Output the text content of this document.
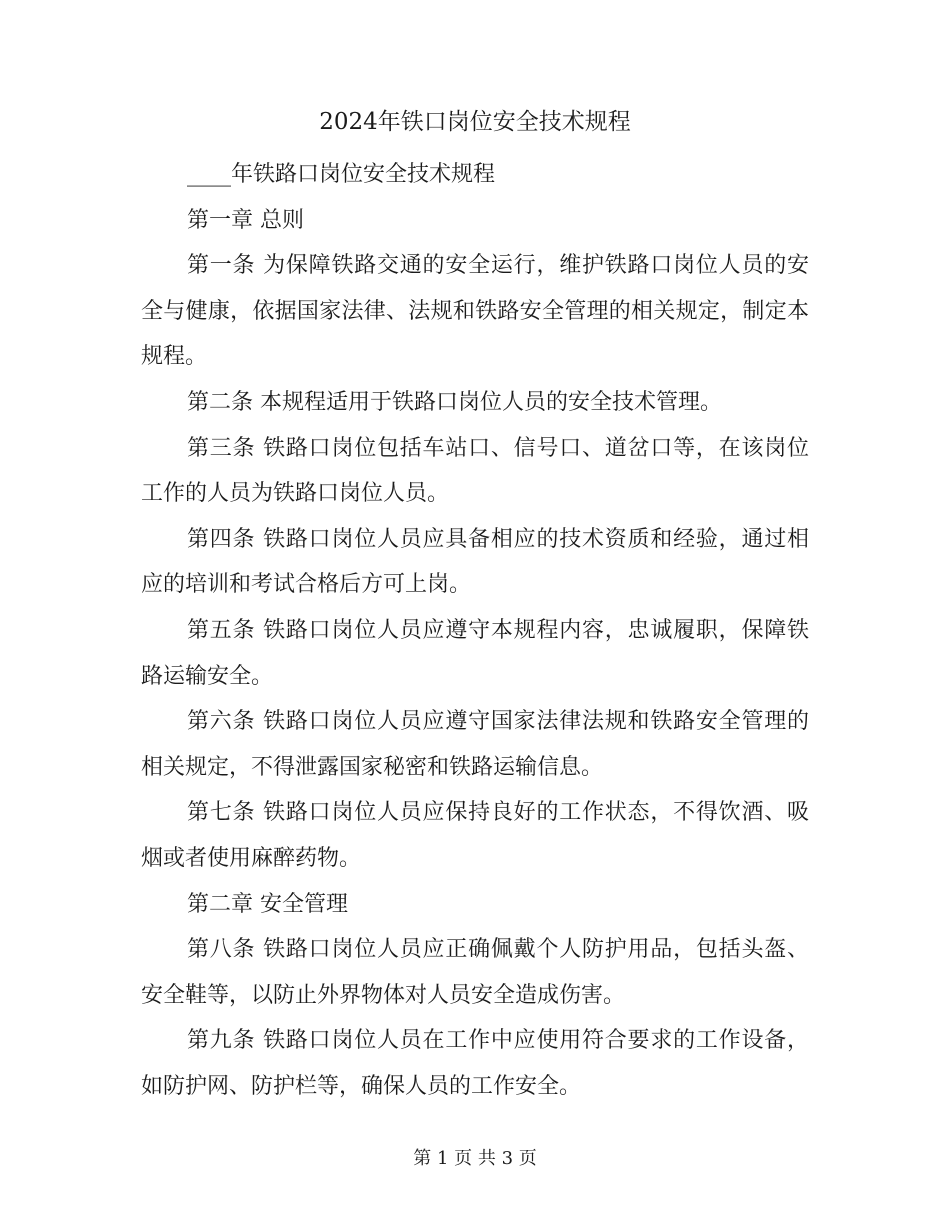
2024年铁口岗位安全技术规程

____年铁路口岗位安全技术规程

第一章 总则

第一条 为保障铁路交通的安全运行，维护铁路口岗位人员的安全与健康，依据国家法律、法规和铁路安全管理的相关规定，制定本规程。

第二条 本规程适用于铁路口岗位人员的安全技术管理。

第三条 铁路口岗位包括车站口、信号口、道岔口等，在该岗位工作的人员为铁路口岗位人员。

第四条 铁路口岗位人员应具备相应的技术资质和经验，通过相应的培训和考试合格后方可上岗。

第五条 铁路口岗位人员应遵守本规程内容，忠诚履职，保障铁路运输安全。

第六条 铁路口岗位人员应遵守国家法律法规和铁路安全管理的相关规定，不得泄露国家秘密和铁路运输信息。

第七条 铁路口岗位人员应保持良好的工作状态，不得饮酒、吸烟或者使用麻醉药物。

第二章 安全管理

第八条 铁路口岗位人员应正确佩戴个人防护用品，包括头盔、安全鞋等，以防止外界物体对人员安全造成伤害。

第九条 铁路口岗位人员在工作中应使用符合要求的工作设备，如防护网、防护栏等，确保人员的工作安全。

第 1 页 共 3 页
